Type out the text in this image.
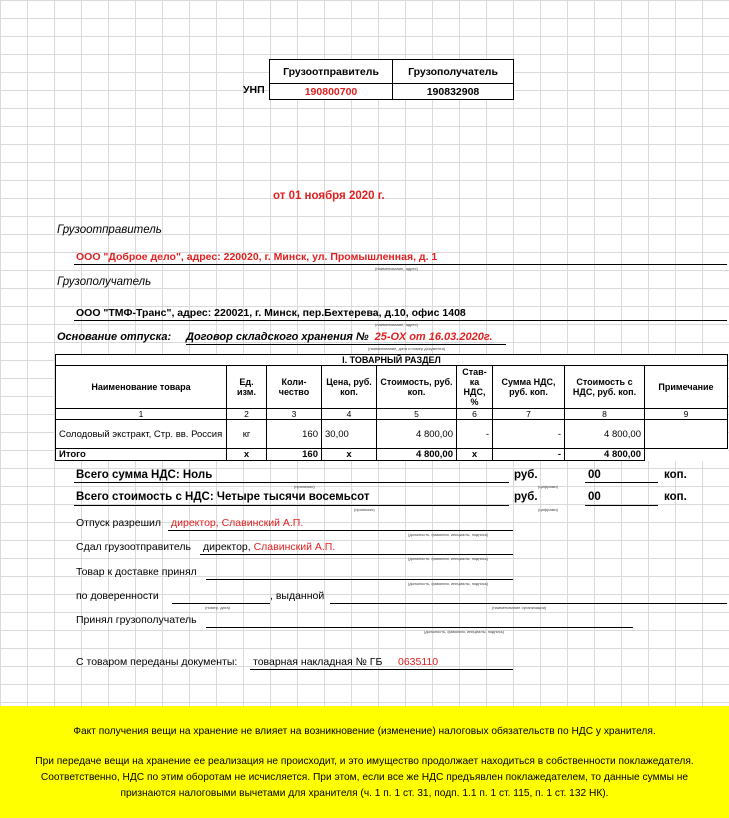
УНП
Грузоотправитель	Грузополучатель
190800700	190832908
от 01 ноября 2020 г.
Грузоотправитель
ООО "Доброе дело", адрес: 220020, г. Минск, ул. Промышленная, д. 1
(наименование, адрес)
Грузополучатель
ООО "ТМФ-Транс", адрес: 220021, г. Минск, пер.Бехтерева, д.10, офис 1408
(наименование, адрес)
Основание отпуска: Договор складского хранения № 25-ОХ от 16.03.2020г.
(наименование, дата и номер документа)
I. ТОВАРНЫЙ РАЗДЕЛ								
Наименование товара	Ед. изм.	Коли-чество	Цена, руб. коп.	Стоимость, руб. коп.	Став-ка НДС, %	Сумма НДС, руб. коп.	Стоимость с НДС, руб. коп.	Примечание
1	2	3	4	5	6	7	8	9
Солодовый экстракт, Стр. вв. Россия	кг	160	30,00	4 800,00	-	-	4 800,00	
Итого	x	160	x	4 800,00	x	-	4 800,00	
Всего сумма НДС: Ноль
(прописью)
руб.	00
(цифрами)
коп.
Всего стоимость с НДС: Четыре тысячи восемьсот
(прописью)
руб.	00
(цифрами)
коп.
Отпуск разрешил директор, Славинский А.П.
(должность, фамилия, инициалы, подпись)
Сдал грузоотправитель директор, Славинский А.П.
(должность, фамилия, инициалы, подпись)
Товар к доставке принял
(должность, фамилия, инициалы, подпись)
по доверенности
(номер, дата)
, выданной
(наименование организации)
Принял грузополучатель
(должность, фамилия, инициалы, подпись)
С товаром переданы документы: товарная накладная № ГБ 0635110

Факт получения вещи на хранение не влияет на возникновение (изменение) налоговых обязательств по НДС у хранителя.

При передаче вещи на хранение ее реализация не происходит, и это имущество продолжает находиться в собственности поклажедателя.

Соответственно, НДС по этим оборотам не исчисляется. При этом, если все же НДС предъявлен поклажедателем, то данные суммы не

признаются налоговыми вычетами для хранителя (ч. 1 п. 1 ст. 31, подп. 1.1 п. 1 ст. 115, п. 1 ст. 132 НК).
